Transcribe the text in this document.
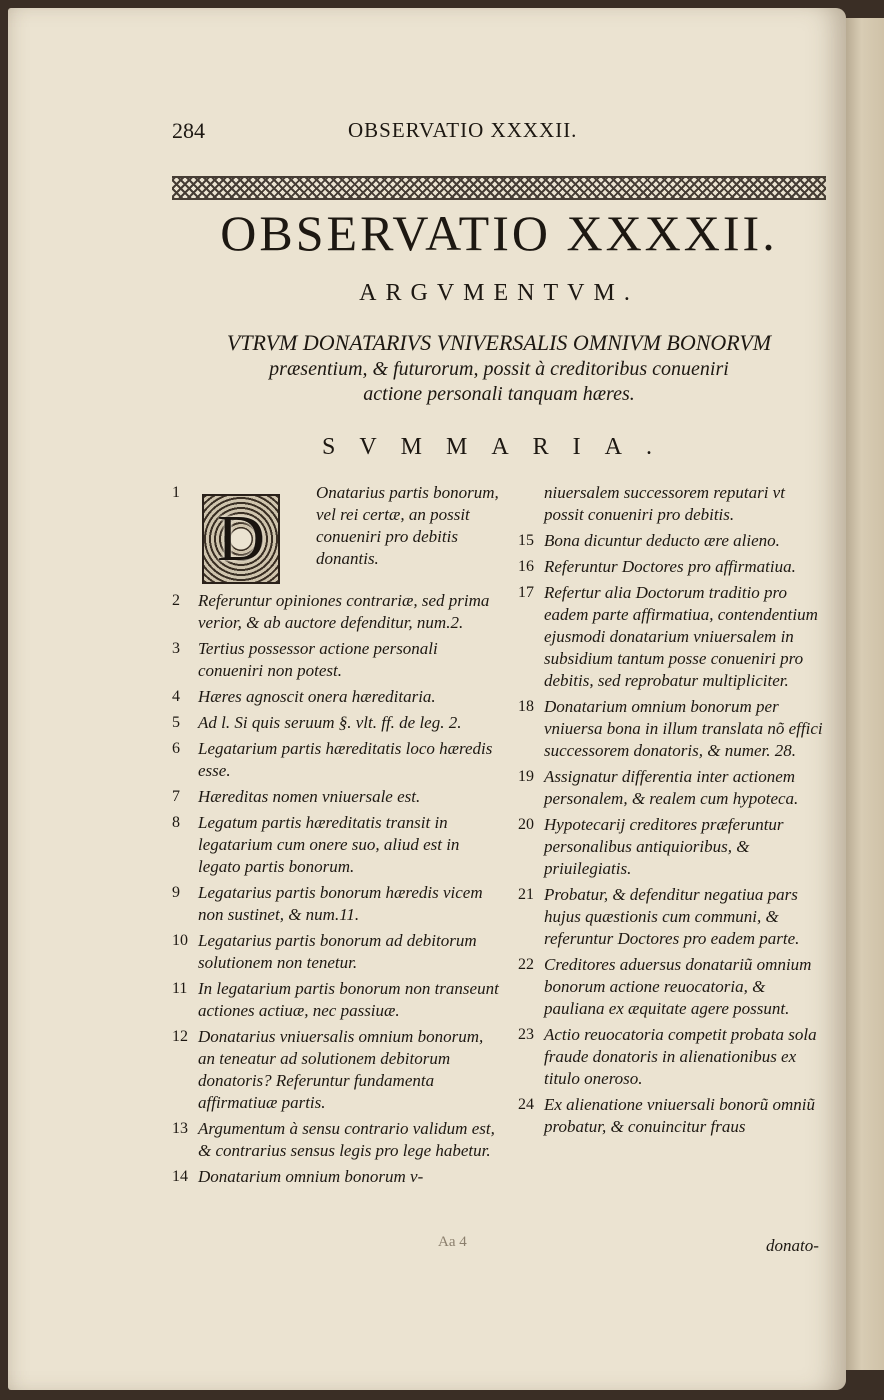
284	OBSERVATIO XXXXII.
OBSERVATIO XXXXII.
ARGVMENTVM.
VTRVM DONATARIVS VNIVERSALIS OMNIVM BONORVM
præsentium, & futurorum, possit à creditoribus conueniri
actione personali tanquam hæres.
SVMMARIA.
1
D
Onatarius partis bonorum, vel rei certæ, an possit conueniri pro debitis donantis.
2 Referuntur opiniones contrariæ, sed prima verior, & ab auctore defenditur, num.2.
3 Tertius possessor actione personali conueniri non potest.
4 Hæres agnoscit onera hæreditaria.
5 Ad l. Si quis seruum §. vlt. ff. de leg. 2.
6 Legatarium partis hæreditatis loco hæredis esse.
7 Hæreditas nomen vniuersale est.
8 Legatum partis hæreditatis transit in legatarium cum onere suo, aliud est in legato partis bonorum.
9 Legatarius partis bonorum hæredis vicem non sustinet, & num.11.
10 Legatarius partis bonorum ad debitorum solutionem non tenetur.
11 In legatarium partis bonorum non transeunt actiones actiuæ, nec passiuæ.
12 Donatarius vniuersalis omnium bonorum, an teneatur ad solutionem debitorum donatoris? Referuntur fundamenta affirmatiuæ partis.
13 Argumentum à sensu contrario validum est, & contrarius sensus legis pro lege habetur.
14 Donatarium omnium bonorum v-
niuersalem successorem reputari vt possit conueniri pro debitis.
15 Bona dicuntur deducto ære alieno.
16 Referuntur Doctores pro affirmatiua.
17 Refertur alia Doctorum traditio pro eadem parte affirmatiua, contendentium ejusmodi donatarium vniuersalem in subsidium tantum posse conueniri pro debitis, sed reprobatur multipliciter.
18 Donatarium omnium bonorum per vniuersa bona in illum translata nõ effici successorem donatoris, & numer. 28.
19 Assignatur differentia inter actionem personalem, & realem cum hypoteca.
20 Hypotecarij creditores præferuntur personalibus antiquioribus, & priuilegiatis.
21 Probatur, & defenditur negatiua pars hujus quæstionis cum communi, & referuntur Doctores pro eadem parte.
22 Creditores aduersus donatariũ omnium bonorum actione reuocatoria, & pauliana ex æquitate agere possunt.
23 Actio reuocatoria competit probata sola fraude donatoris in alienationibus ex titulo oneroso.
24 Ex alienatione vniuersali bonorũ omniũ probatur, & conuincitur fraus
Aa 4	donato-
